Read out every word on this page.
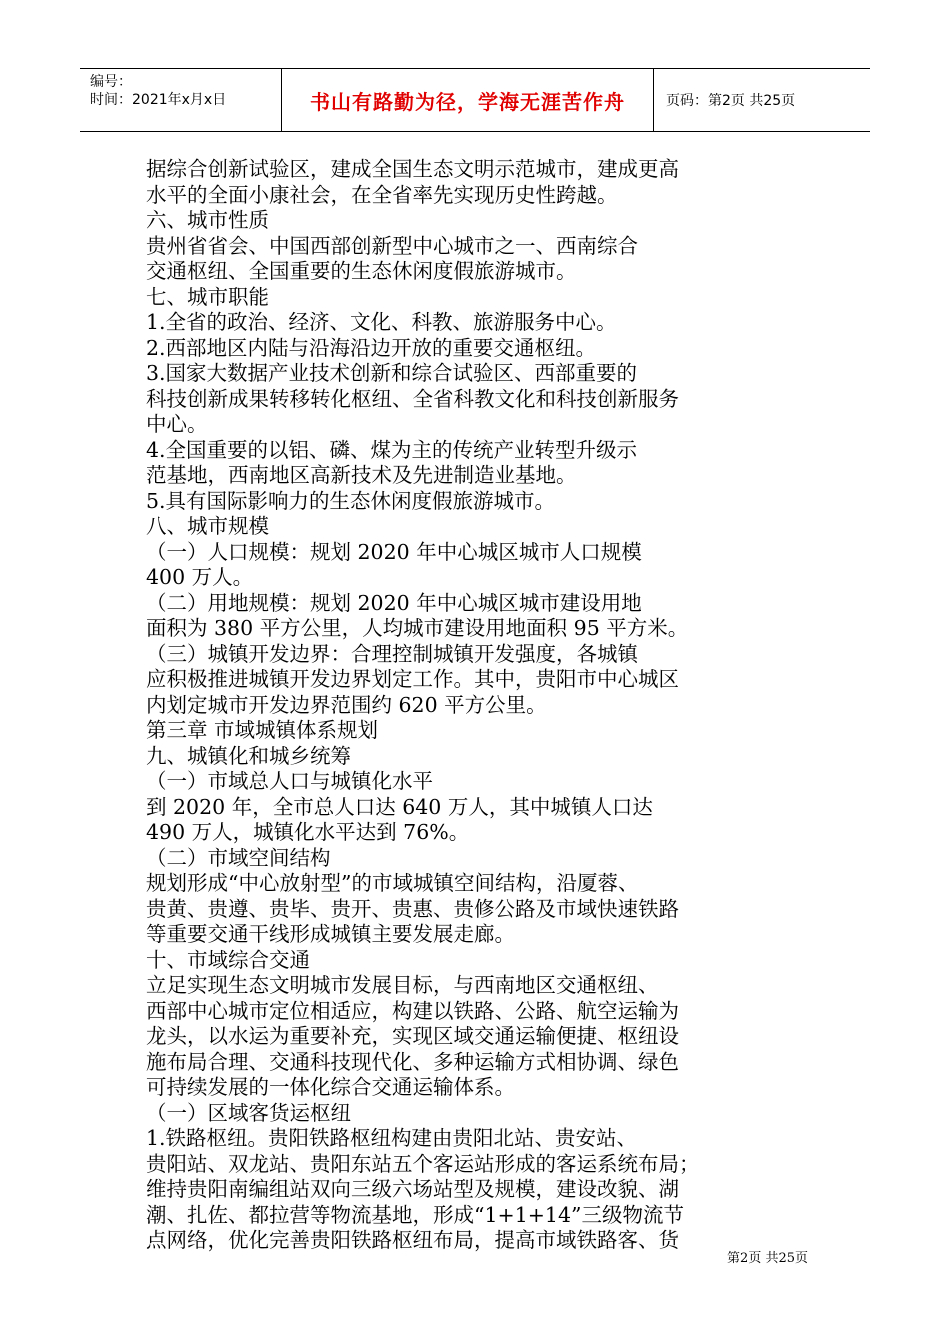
编号：
时间：2021年x月x日	书山有路勤为径，学海无涯苦作舟	页码：第2页 共25页
据综合创新试验区，建成全国生态文明示范城市，建成更高
水平的全面小康社会，在全省率先实现历史性跨越。
六、城市性质
贵州省省会、中国西部创新型中心城市之一、西南综合
交通枢纽、全国重要的生态休闲度假旅游城市。
七、城市职能
1.全省的政治、经济、文化、科教、旅游服务中心。
2.西部地区内陆与沿海沿边开放的重要交通枢纽。
3.国家大数据产业技术创新和综合试验区、西部重要的
科技创新成果转移转化枢纽、全省科教文化和科技创新服务
中心。
4.全国重要的以铝、磷、煤为主的传统产业转型升级示
范基地，西南地区高新技术及先进制造业基地。
5.具有国际影响力的生态休闲度假旅游城市。
八、城市规模
（一）人口规模：规划 2020 年中心城区城市人口规模
400 万人。
（二）用地规模：规划 2020 年中心城区城市建设用地
面积为 380 平方公里，人均城市建设用地面积 95 平方米。
（三）城镇开发边界：合理控制城镇开发强度，各城镇
应积极推进城镇开发边界划定工作。其中，贵阳市中心城区
内划定城市开发边界范围约 620 平方公里。
第三章 市域城镇体系规划
九、城镇化和城乡统筹
（一）市域总人口与城镇化水平
到 2020 年，全市总人口达 640 万人，其中城镇人口达
490 万人，城镇化水平达到 76%。
（二）市域空间结构
规划形成“中心放射型”的市域城镇空间结构，沿厦蓉、
贵黄、贵遵、贵毕、贵开、贵惠、贵修公路及市域快速铁路
等重要交通干线形成城镇主要发展走廊。
十、市域综合交通
立足实现生态文明城市发展目标，与西南地区交通枢纽、
西部中心城市定位相适应，构建以铁路、公路、航空运输为
龙头，以水运为重要补充，实现区域交通运输便捷、枢纽设
施布局合理、交通科技现代化、多种运输方式相协调、绿色
可持续发展的一体化综合交通运输体系。
（一）区域客货运枢纽
1.铁路枢纽。贵阳铁路枢纽构建由贵阳北站、贵安站、
贵阳站、双龙站、贵阳东站五个客运站形成的客运系统布局；
维持贵阳南编组站双向三级六场站型及规模，建设改貌、湖
潮、扎佐、都拉营等物流基地，形成“1+1+14”三级物流节
点网络，优化完善贵阳铁路枢纽布局，提高市域铁路客、货
第2页 共25页
